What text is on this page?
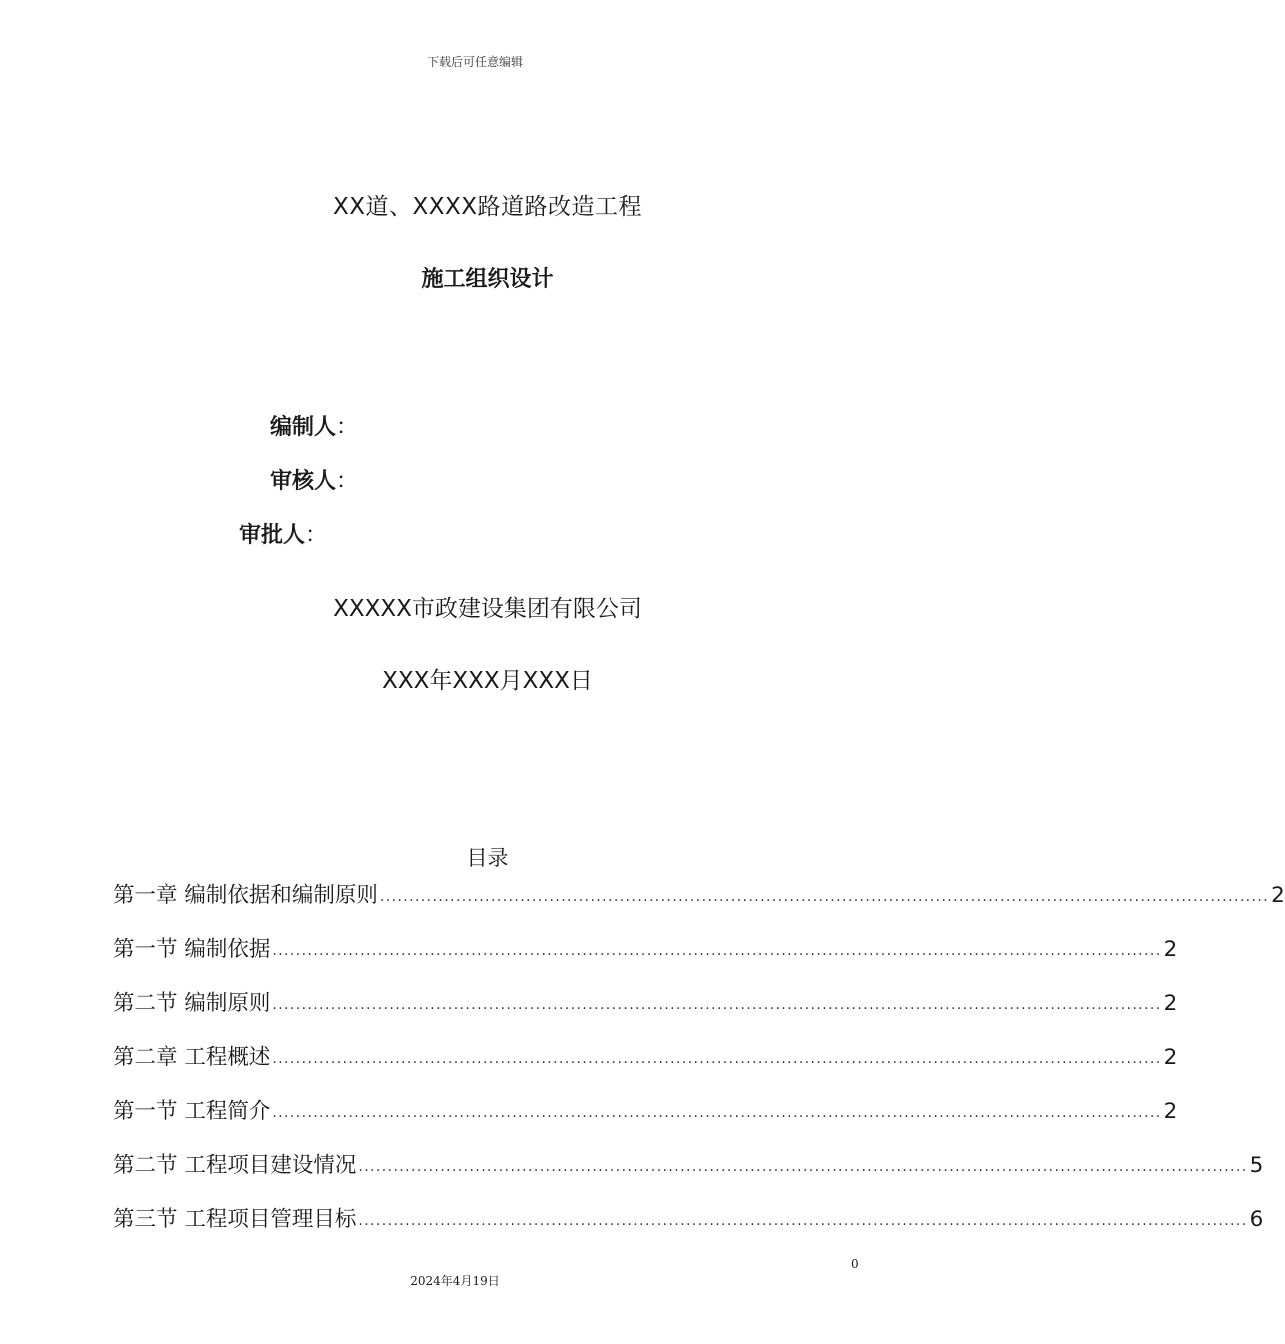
下载后可任意编辑
XX道、XXXX路道路改造工程
施工组织设计
编制人：
审核人：
审批人：
XXXXX市政建设集团有限公司
XXX年XXX月XXX日
目录
第一章 编制依据和编制原则 ........................................................................................................................................................ 2
第一节 编制依据 ........................................................................................................................................................ 2
第二节 编制原则 ........................................................................................................................................................ 2
第二章 工程概述 ........................................................................................................................................................ 2
第一节 工程简介 ........................................................................................................................................................ 2
第二节 工程项目建设情况 ........................................................................................................................................................ 5
第三节 工程项目管理目标 ........................................................................................................................................................ 6
0
2024年4月19日
